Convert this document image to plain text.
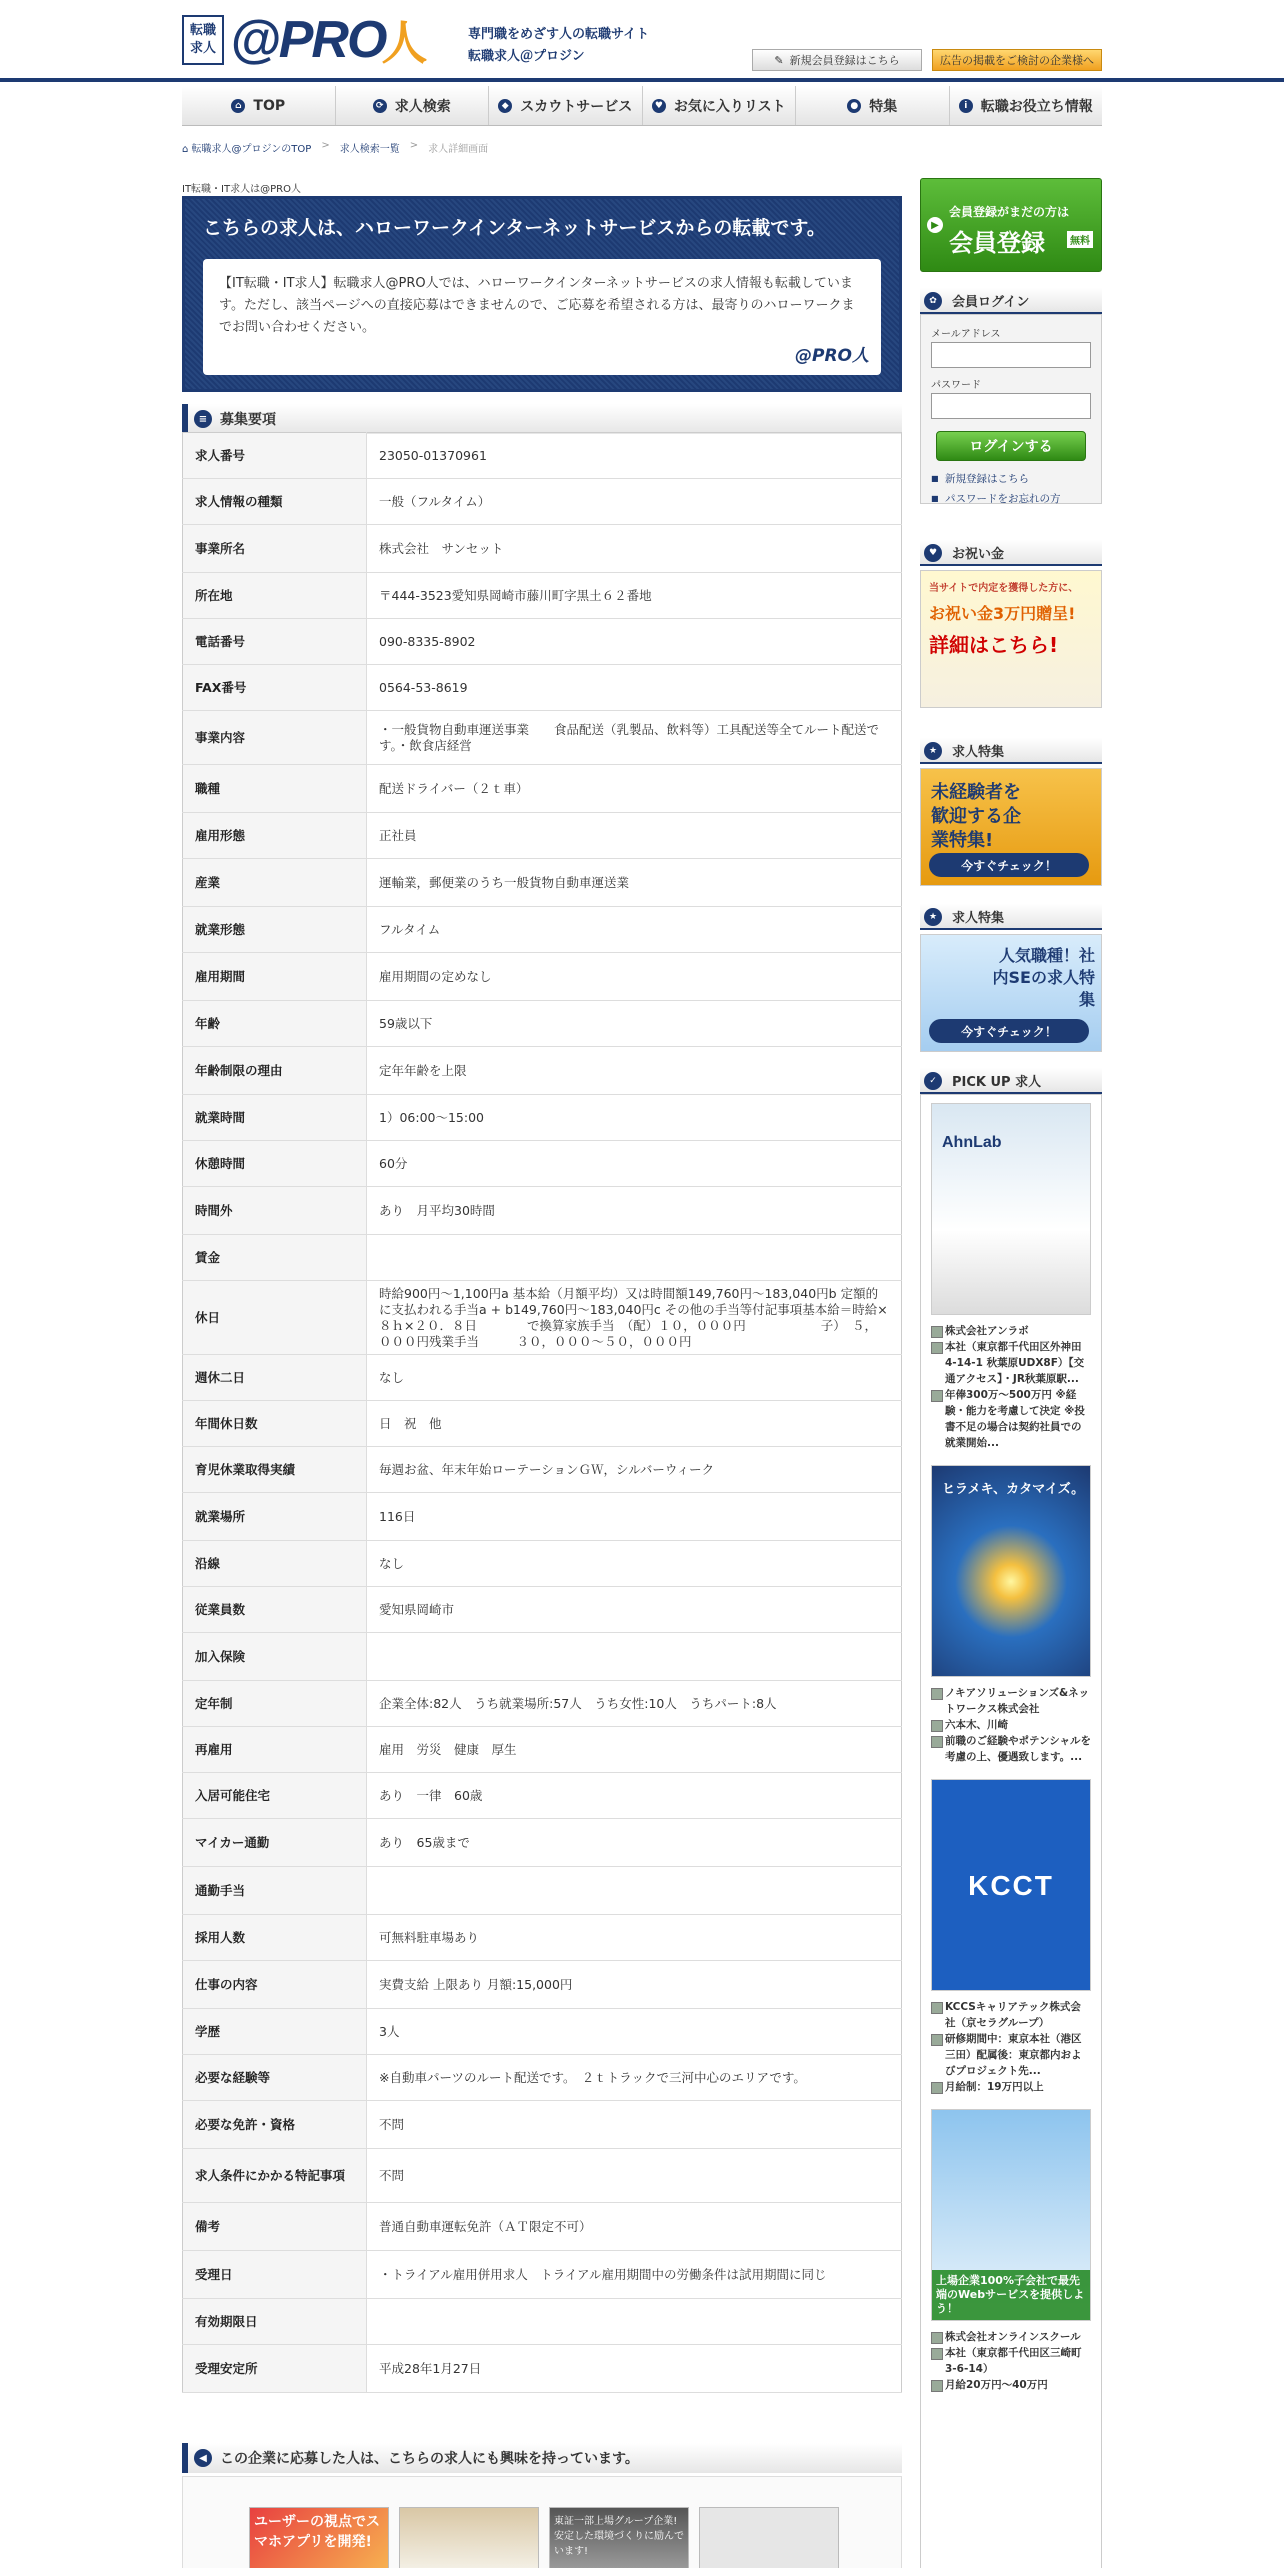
転職
求人 @PRO
人	専門職をめざす人の転職サイト
転職求人＠プロジン	✎ 新規会員登録はこちら	広告の掲載をご検討の企業様へ
⌂ TOP	⟳ 求人検索	◆ スカウトサービス	♥ お気に入りリスト	● 特集	i 転職お役立ち情報
⌂ 転職求人@プロジンのTOP > 求人検索一覧 > 求人詳細画面
IT転職・IT求人は@PRO人
こちらの求人は、ハローワークインターネットサービスからの転載です。
【IT転職・IT求人】転職求人@PRO人では、ハローワークインターネットサービスの求人情報も転載しています。ただし、該当ページへの直接応募はできませんので、ご応募を希望される方は、最寄りのハローワークまでお問い合わせください。
@PRO人
≡ 募集要項
求人番号	23050-01370961
求人情報の種類	一般（フルタイム）
事業所名	株式会社　サンセット
所在地	〒444-3523愛知県岡崎市藤川町字黒土６２番地
電話番号	090-8335-8902
FAX番号	0564-53-8619
事業内容	・一般貨物自動車運送事業　　食品配送（乳製品、飲料等）工具配送等全てルート配送です。・飲食店経営
職種	配送ドライバー（２ｔ車）
雇用形態	正社員
産業	運輸業，郵便業のうち一般貨物自動車運送業
就業形態	フルタイム
雇用期間	雇用期間の定めなし
年齢	59歳以下
年齢制限の理由	定年年齢を上限
就業時間	1）06:00～15:00
休憩時間	60分
時間外	あり　月平均30時間
賃金	
休日	時給900円～1,100円a 基本給（月額平均）又は時間額149,760円～183,040円b 定額的に支払われる手当a + b149,760円～183,040円c その他の手当等付記事項基本給＝時給×８ｈ×２０．８日　　　　で換算家族手当　（配）１０，０００円　　　　　　子）　５，０００円残業手当　　　３０，０００～５０，０００円
週休二日	なし
年間休日数	日　祝　他
育児休業取得実績	毎週お盆、年末年始ローテーションＧＷ，シルバーウィーク
就業場所	116日
沿線	なし
従業員数	愛知県岡崎市
加入保険	
定年制	企業全体:82人　うち就業場所:57人　うち女性:10人　うちパート:8人
再雇用	雇用　労災　健康　厚生
入居可能住宅	あり　一律　60歳
マイカー通勤	あり　65歳まで
通勤手当	
採用人数	可無料駐車場あり
仕事の内容	実費支給 上限あり 月額:15,000円
学歴	3人
必要な経験等	※自動車パーツのルート配送です。　２ｔトラックで三河中心のエリアです。
必要な免許・資格	不問
求人条件にかかる特記事項	不問
備考	普通自動車運転免許（ＡＴ限定不可）
受理日	・トライアル雇用併用求人　トライアル雇用期間中の労働条件は試用期間に同じ
有効期限日	
受理安定所	平成28年1月27日
◀ この企業に応募した人は、こちらの求人にも興味を持っています。
ユーザーの視点でスマホアプリを開発!
東証一部上場グループ企業!安定した環境づくりに励んでいます!
▶
会員登録がまだの方は
会員登録	無料
✿	会員ログイン
メールアドレス
パスワード
ログインする
■ 新規登録はこちら
■ パスワードをお忘れの方
♥	お祝い金
当サイトで内定を獲得した方に、
お祝い金3万円贈呈!
詳細はこちら!
★	求人特集
未経験者を歓迎する企業特集!
今すぐチェック！
★	求人特集
人気職種！社内SEの求人特集
今すぐチェック！
✓	PICK UP 求人
AhnLab
株式会社アンラボ
本社（東京都千代田区外神田4-14-1 秋葉原UDX8F）【交通アクセス】・JR秋葉原駅...
年俸300万～500万円 ※経験・能力を考慮して決定 ※投書不足の場合は契約社員での就業開始...
ヒラメキ、カタマイズ。
ノキアソリューションズ&ネットワークス株式会社
六本木、川崎
前職のご経験やポテンシャルを考慮の上、優遇致します。...
KCCT
KCCSキャリアテック株式会社（京セラグループ）
研修期間中：東京本社（港区三田）配属後：東京都内およびプロジェクト先...
月給制：19万円以上
上場企業100%子会社で最先端のWebサービスを提供しよう！
株式会社オンラインスクール
本社（東京都千代田区三崎町3-6-14）
月給20万円～40万円
